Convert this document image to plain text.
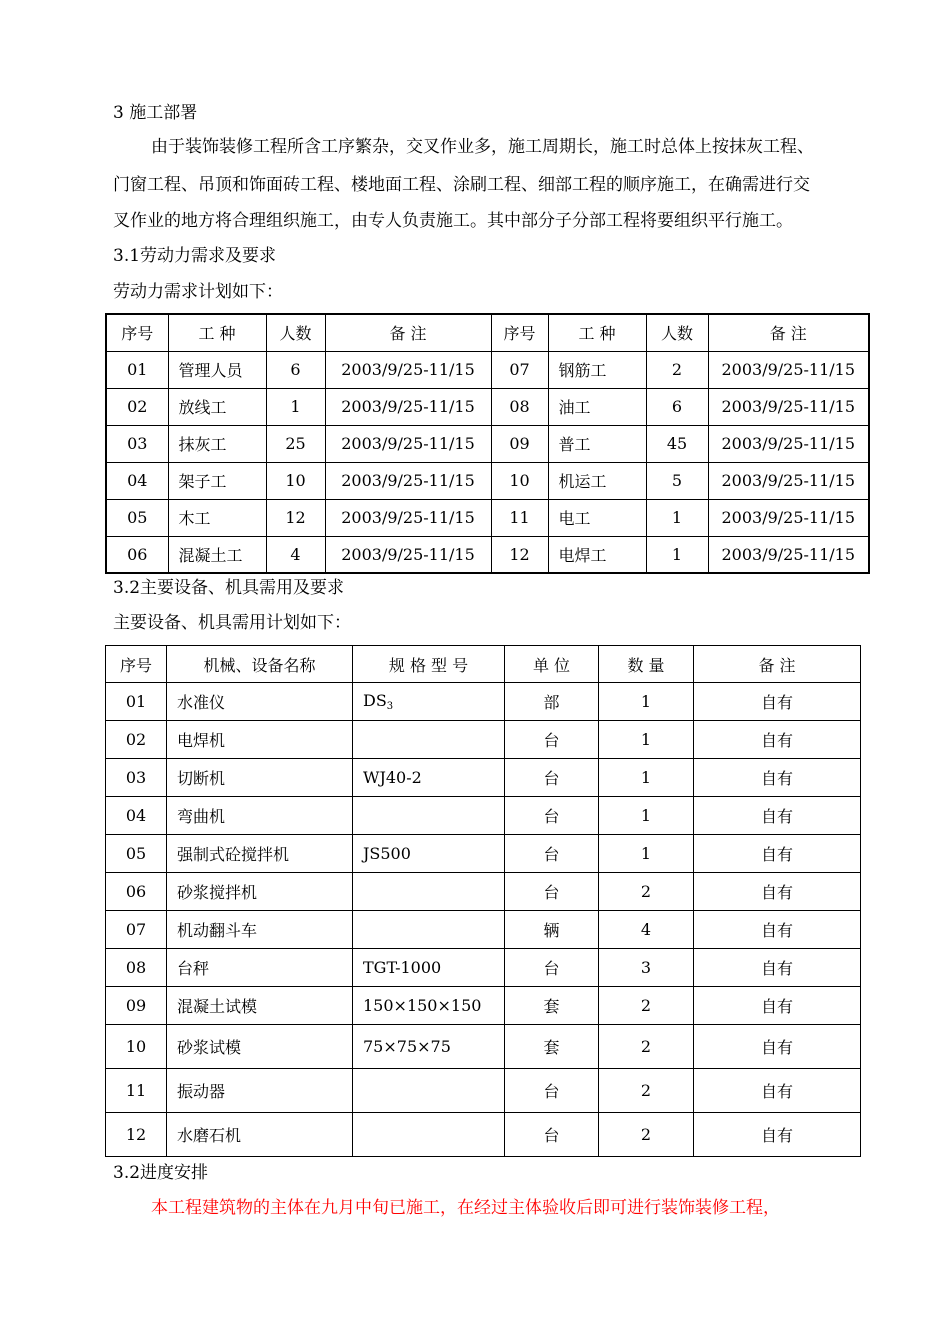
3 施工部署
由于装饰装修工程所含工序繁杂，交叉作业多，施工周期长，施工时总体上按抹灰工程、
门窗工程、吊顶和饰面砖工程、楼地面工程、涂刷工程、细部工程的顺序施工，在确需进行交
叉作业的地方将合理组织施工，由专人负责施工。其中部分子分部工程将要组织平行施工。
3.1劳动力需求及要求
劳动力需求计划如下：
序号	工 种	人数	备 注	序号	工 种	人数	备 注
01	管理人员	6	2003/9/25-11/15	07	钢筋工	2	2003/9/25-11/15
02	放线工	1	2003/9/25-11/15	08	油工	6	2003/9/25-11/15
03	抹灰工	25	2003/9/25-11/15	09	普工	45	2003/9/25-11/15
04	架子工	10	2003/9/25-11/15	10	机运工	5	2003/9/25-11/15
05	木工	12	2003/9/25-11/15	11	电工	1	2003/9/25-11/15
06	混凝土工	4	2003/9/25-11/15	12	电焊工	1	2003/9/25-11/15
3.2主要设备、机具需用及要求
主要设备、机具需用计划如下：
序号	机械、设备名称	规 格 型 号	单 位	数 量	备 注
01	水准仪	$DS_3$	部	1	自有
02	电焊机		台	1	自有
03	切断机	WJ40-2	台	1	自有
04	弯曲机		台	1	自有
05	强制式砼搅拌机	JS500	台	1	自有
06	砂浆搅拌机		台	2	自有
07	机动翻斗车		辆	4	自有
08	台秤	TGT-1000	台	3	自有
09	混凝土试模	150×150×150	套	2	自有
10	砂浆试模	75×75×75	套	2	自有
11	振动器		台	2	自有
12	水磨石机		台	2	自有
3.2进度安排
本工程建筑物的主体在九月中旬已施工，在经过主体验收后即可进行装饰装修工程，
